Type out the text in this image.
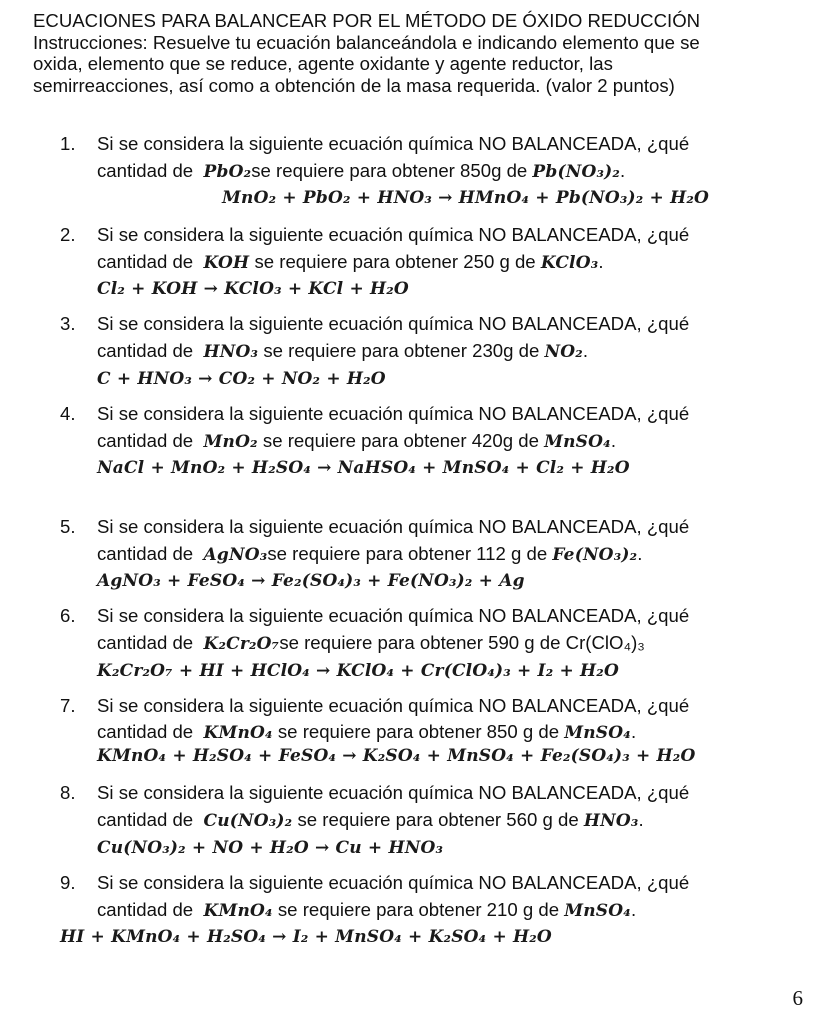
ECUACIONES PARA BALANCEAR POR EL MÉTODO DE ÓXIDO REDUCCIÓN

Instrucciones: Resuelve tu ecuación balanceándola e indicando elemento que se

oxida, elemento que se reduce, agente oxidante y agente reductor, las

semirreacciones, así como a obtención de la masa requerida. (valor 2 puntos)

1.	Si se considera la siguiente ecuación química NO BALANCEADA, ¿qué
cantidad de PbO₂se requiere para obtener 850g de Pb(NO₃)₂.
MnO₂ + PbO₂ + HNO₃ → HMnO₄ + Pb(NO₃)₂ + H₂O
2.	Si se considera la siguiente ecuación química NO BALANCEADA, ¿qué
cantidad de KOH se requiere para obtener 250 g de KClO₃.
Cl₂ + KOH → KClO₃ + KCl + H₂O
3.	Si se considera la siguiente ecuación química NO BALANCEADA, ¿qué
cantidad de HNO₃ se requiere para obtener 230g de NO₂.
C + HNO₃ → CO₂ + NO₂ + H₂O
4.	Si se considera la siguiente ecuación química NO BALANCEADA, ¿qué
cantidad de MnO₂ se requiere para obtener 420g de MnSO₄.
NaCl + MnO₂ + H₂SO₄ → NaHSO₄ + MnSO₄ + Cl₂ + H₂O
5.	Si se considera la siguiente ecuación química NO BALANCEADA, ¿qué
cantidad de AgNO₃se requiere para obtener 112 g de Fe(NO₃)₂.
AgNO₃ + FeSO₄ → Fe₂(SO₄)₃ + Fe(NO₃)₂ + Ag
6.	Si se considera la siguiente ecuación química NO BALANCEADA, ¿qué
cantidad de K₂Cr₂O₇se requiere para obtener 590 g de Cr(ClO₄)₃
K₂Cr₂O₇ + HI + HClO₄ → KClO₄ + Cr(ClO₄)₃ + I₂ + H₂O
7.	Si se considera la siguiente ecuación química NO BALANCEADA, ¿qué
cantidad de KMnO₄ se requiere para obtener 850 g de MnSO₄.
KMnO₄ + H₂SO₄ + FeSO₄ → K₂SO₄ + MnSO₄ + Fe₂(SO₄)₃ + H₂O
8.	Si se considera la siguiente ecuación química NO BALANCEADA, ¿qué
cantidad de Cu(NO₃)₂ se requiere para obtener 560 g de HNO₃.
Cu(NO₃)₂ + NO + H₂O → Cu + HNO₃
9.	Si se considera la siguiente ecuación química NO BALANCEADA, ¿qué
cantidad de KMnO₄ se requiere para obtener 210 g de MnSO₄.
HI + KMnO₄ + H₂SO₄ → I₂ + MnSO₄ + K₂SO₄ + H₂O
6
